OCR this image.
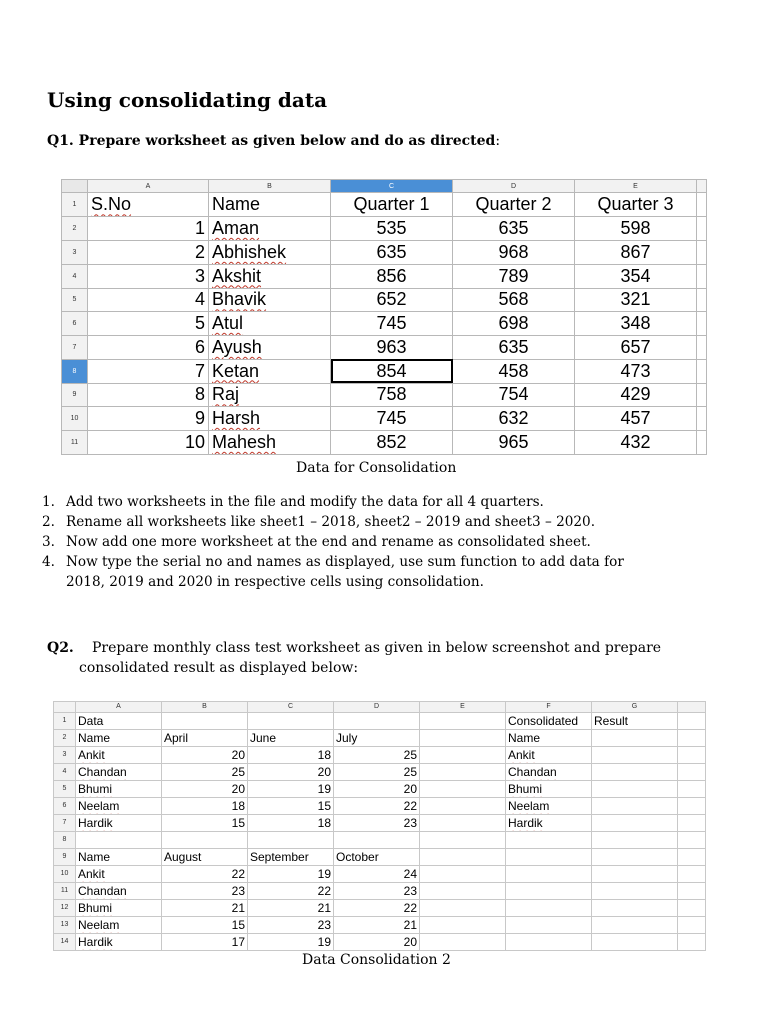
Using consolidating data
Q1. Prepare worksheet as given below and do as directed:
	A	B	C	D	E	
1	S.No	Name	Quarter 1	Quarter 2	Quarter 3	
2	1	Aman	535	635	598	
3	2	Abhishek	635	968	867	
4	3	Akshit	856	789	354	
5	4	Bhavik	652	568	321	
6	5	Atul	745	698	348	
7	6	Ayush	963	635	657	
8	7	Ketan	854	458	473	
9	8	Raj	758	754	429	
10	9	Harsh	745	632	457	
11	10	Mahesh	852	965	432	
Data for Consolidation
1. Add two worksheets in the file and modify the data for all 4 quarters.
2. Rename all worksheets like sheet1 – 2018, sheet2 – 2019 and sheet3 – 2020.
3. Now add one more worksheet at the end and rename as consolidated sheet.
4. Now type the serial no and names as displayed, use sum function to add data for
2018, 2019 and 2020 in respective cells using consolidation.
Q2. Prepare monthly class test worksheet as given in below screenshot and prepare
consolidated result as displayed below:
	A	B	C	D	E	F	G	
1	Data					Consolidated	Result	
2	Name	April	June	July		Name		
3	Ankit	20	18	25		Ankit		
4	Chandan	25	20	25		Chandan		
5	Bhumi	20	19	20		Bhumi		
6	Neelam	18	15	22		Neelam		
7	Hardik	15	18	23		Hardik		
8								
9	Name	August	September	October				
10	Ankit	22	19	24				
11	Chandan	23	22	23				
12	Bhumi	21	21	22				
13	Neelam	15	23	21				
14	Hardik	17	19	20				
Data Consolidation 2
